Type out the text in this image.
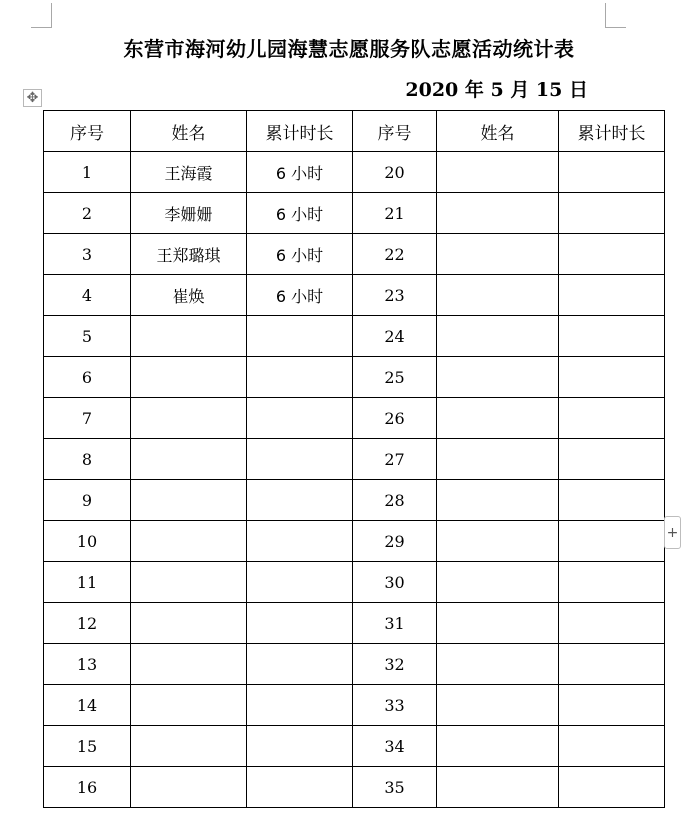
东营市海河幼儿园海慧志愿服务队志愿活动统计表
2020 年 5 月 15 日
✥
序号	姓名	累计时长	序号	姓名	累计时长
1	王海霞	6 小时	20		
2	李姗姗	6 小时	21		
3	王郑璐琪	6 小时	22		
4	崔焕	6 小时	23		
5			24		
6			25		
7			26		
8			27		
9			28		
10			29		
11			30		
12			31		
13			32		
14			33		
15			34		
16			35		
+
